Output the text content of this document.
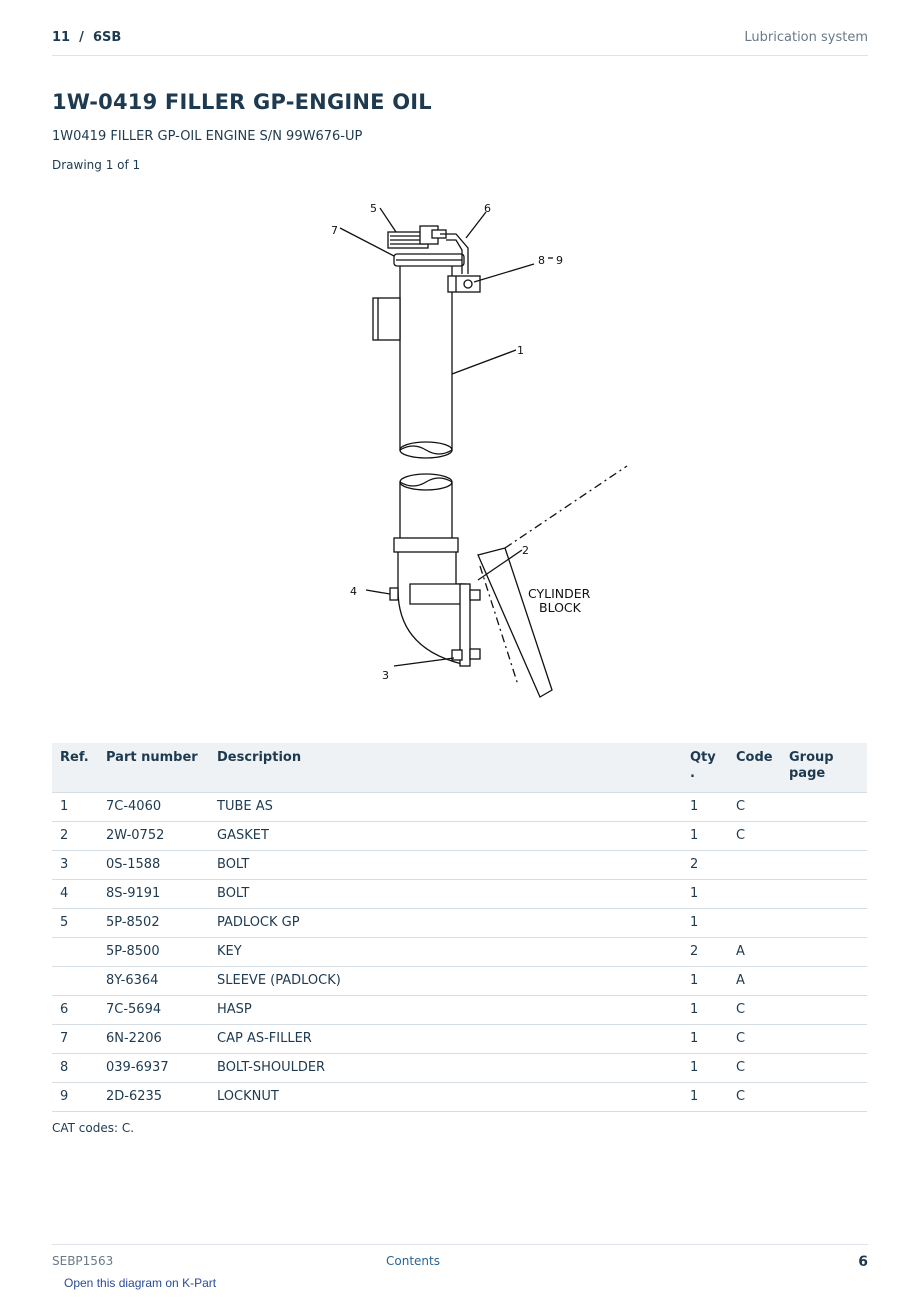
11  /  6SB	Lubrication system
1W-0419 FILLER GP-ENGINE OIL
1W0419 FILLER GP-OIL ENGINE S/N 99W676-UP
Drawing 1 of 1
5	6
7
8 9
1
2
4
3
CYLINDER
BLOCK
Ref.	Part number	Description	Qty .	Code	Group page
1	7C-4060	TUBE AS	1	C	
2	2W-0752	GASKET	1	C	
3	0S-1588	BOLT	2		
4	8S-9191	BOLT	1		
5	5P-8502	PADLOCK GP	1		
	5P-8500	KEY	2	A	
	8Y-6364	SLEEVE (PADLOCK)	1	A	
6	7C-5694	HASP	1	C	
7	6N-2206	CAP AS-FILLER	1	C	
8	039-6937	BOLT-SHOULDER	1	C	
9	2D-6235	LOCKNUT	1	C	
CAT codes: C.
SEBP1563	Contents	6
Open this diagram on K-Part
